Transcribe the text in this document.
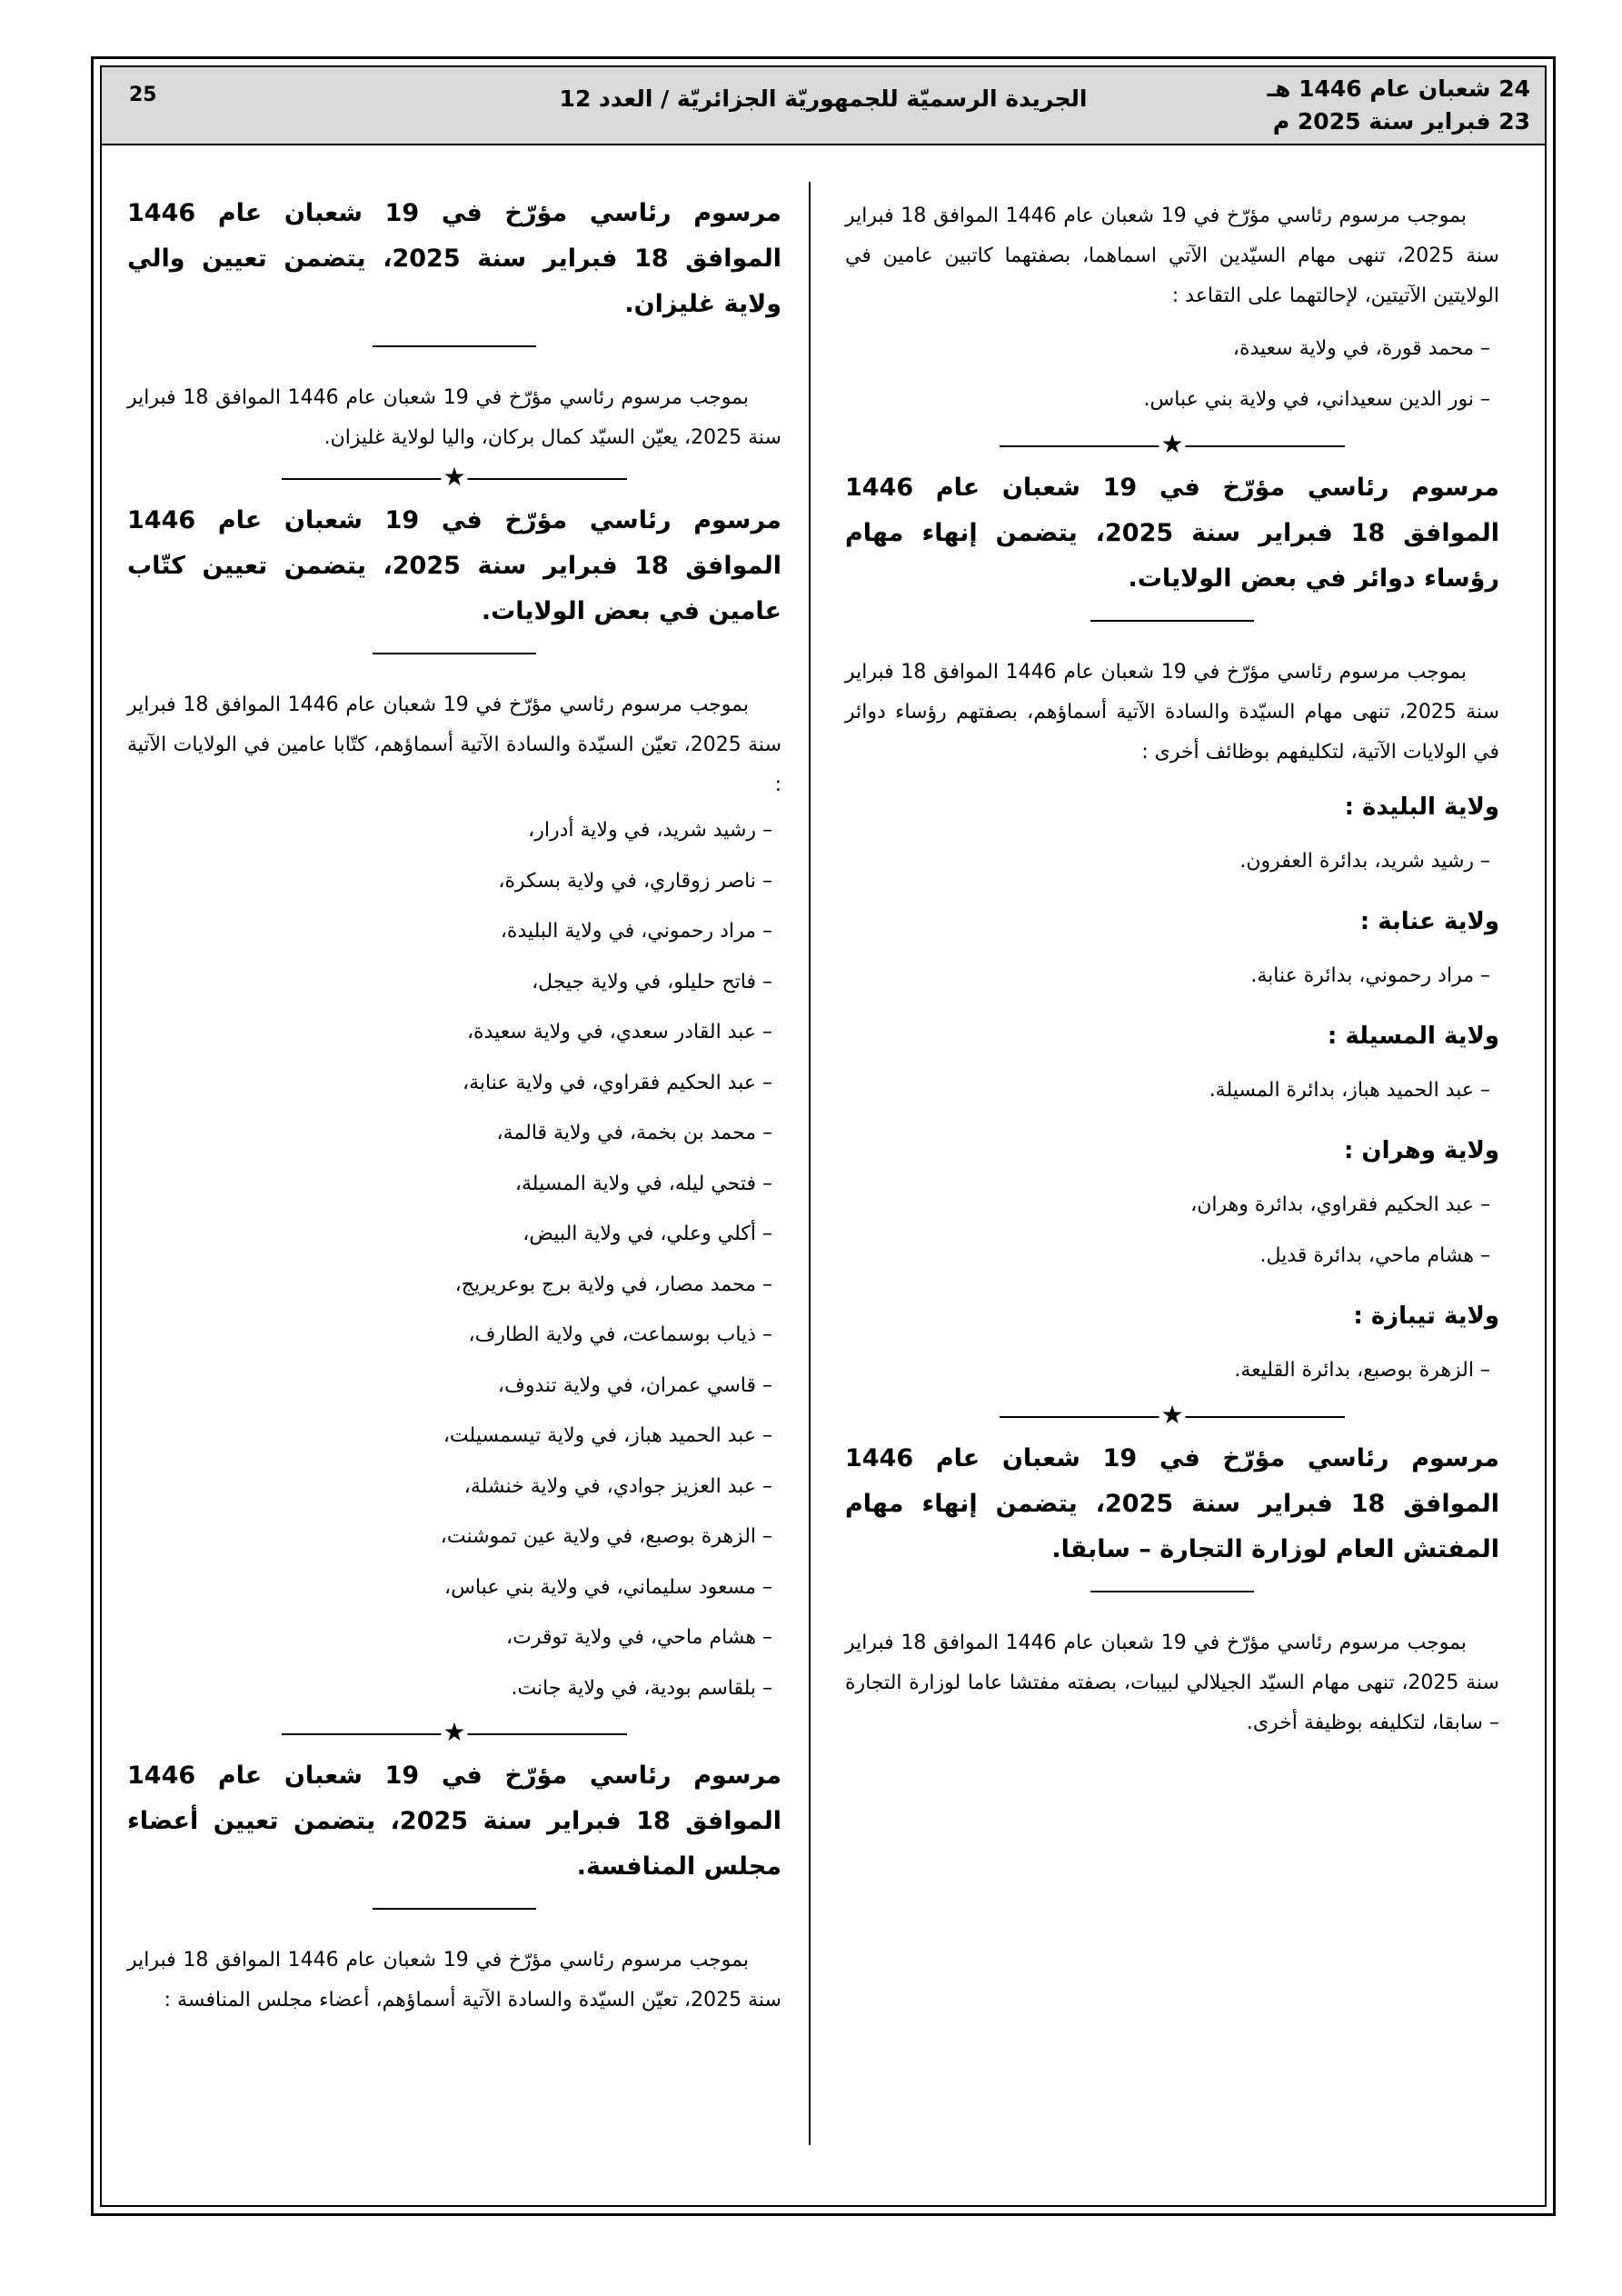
25	الجريدة الرسميّة للجمهوريّة الجزائريّة / العدد 12	24 شعبان عام 1446 هـ
23 فبراير سنة 2025 م

بموجب مرسوم رئاسي مؤرّخ في 19 شعبان عام 1446 الموافق 18 فبراير سنة 2025، تنهى مهام السيّدين الآتي اسماهما، بصفتهما كاتبين عامين في الولايتين الآتيتين، لإحالتهما على التقاعد :

– محمد قورة، في ولاية سعيدة،
– نور الدين سعيداني، في ولاية بني عباس.
★
مرسوم رئاسي مؤرّخ في 19 شعبان عام 1446 الموافق 18 فبراير سنة 2025، يتضمن إنهاء مهام رؤساء دوائر في بعض الولايات.

بموجب مرسوم رئاسي مؤرّخ في 19 شعبان عام 1446 الموافق 18 فبراير سنة 2025، تنهى مهام السيّدة والسادة الآتية أسماؤهم، بصفتهم رؤساء دوائر في الولايات الآتية، لتكليفهم بوظائف أخرى :

ولاية البليدة :
– رشيد شريد، بدائرة العفرون.
ولاية عنابة :
– مراد رحموني، بدائرة عنابة.
ولاية المسيلة :
– عبد الحميد هباز، بدائرة المسيلة.
ولاية وهران :
– عبد الحكيم فقراوي، بدائرة وهران،
– هشام ماحي، بدائرة قديل.
ولاية تيبازة :
– الزهرة بوصبع، بدائرة القليعة.
★
مرسوم رئاسي مؤرّخ في 19 شعبان عام 1446 الموافق 18 فبراير سنة 2025، يتضمن إنهاء مهام المفتش العام لوزارة التجارة – سابقا.

بموجب مرسوم رئاسي مؤرّخ في 19 شعبان عام 1446 الموافق 18 فبراير سنة 2025، تنهى مهام السيّد الجيلالي لبيبات، بصفته مفتشا عاما لوزارة التجارة – سابقا، لتكليفه بوظيفة أخرى.

مرسوم رئاسي مؤرّخ في 19 شعبان عام 1446 الموافق 18 فبراير سنة 2025، يتضمن تعيين والي ولاية غليزان.

بموجب مرسوم رئاسي مؤرّخ في 19 شعبان عام 1446 الموافق 18 فبراير سنة 2025، يعيّن السيّد كمال بركان، واليا لولاية غليزان.

★
مرسوم رئاسي مؤرّخ في 19 شعبان عام 1446 الموافق 18 فبراير سنة 2025، يتضمن تعيين كتّاب عامين في بعض الولايات.

بموجب مرسوم رئاسي مؤرّخ في 19 شعبان عام 1446 الموافق 18 فبراير سنة 2025، تعيّن السيّدة والسادة الآتية أسماؤهم، كتّابا عامين في الولايات الآتية :

– رشيد شريد، في ولاية أدرار،
– ناصر زوقاري، في ولاية بسكرة،
– مراد رحموني، في ولاية البليدة،
– فاتح حليلو، في ولاية جيجل،
– عبد القادر سعدي، في ولاية سعيدة،
– عبد الحكيم فقراوي، في ولاية عنابة،
– محمد بن بخمة، في ولاية قالمة،
– فتحي ليله، في ولاية المسيلة،
– أكلي وعلي، في ولاية البيض،
– محمد مصار، في ولاية برج بوعريريج،
– ذياب بوسماعت، في ولاية الطارف،
– قاسي عمران، في ولاية تندوف،
– عبد الحميد هباز، في ولاية تيسمسيلت،
– عبد العزيز جوادي، في ولاية خنشلة،
– الزهرة بوصبع، في ولاية عين تموشنت،
– مسعود سليماني، في ولاية بني عباس،
– هشام ماحي، في ولاية توقرت،
– بلقاسم بودية، في ولاية جانت.
★
مرسوم رئاسي مؤرّخ في 19 شعبان عام 1446 الموافق 18 فبراير سنة 2025، يتضمن تعيين أعضاء مجلس المنافسة.

بموجب مرسوم رئاسي مؤرّخ في 19 شعبان عام 1446 الموافق 18 فبراير سنة 2025، تعيّن السيّدة والسادة الآتية أسماؤهم، أعضاء مجلس المنافسة :
